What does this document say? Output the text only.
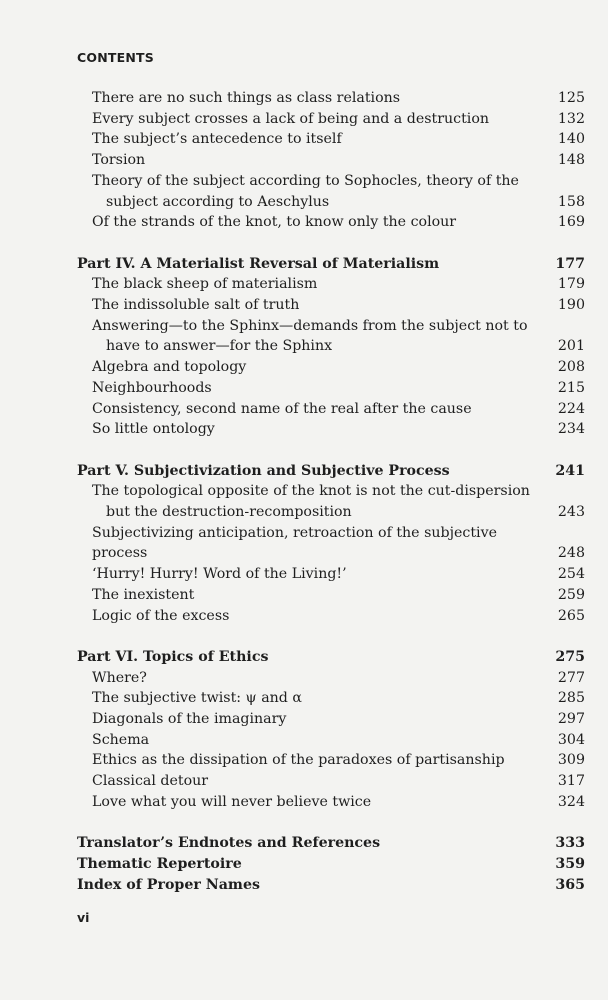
CONTENTS
There are no such things as class relations	125
Every subject crosses a lack of being and a destruction	132
The subject’s antecedence to itself	140
Torsion	148
Theory of the subject according to Sophocles, theory of the
subject according to Aeschylus	158
Of the strands of the knot, to know only the colour	169
Part IV. A Materialist Reversal of Materialism	177
The black sheep of materialism	179
The indissoluble salt of truth	190
Answering—to the Sphinx—demands from the subject not to
have to answer—for the Sphinx	201
Algebra and topology	208
Neighbourhoods	215
Consistency, second name of the real after the cause	224
So little ontology	234
Part V. Subjectivization and Subjective Process	241
The topological opposite of the knot is not the cut-dispersion
but the destruction-recomposition	243
Subjectivizing anticipation, retroaction of the subjective process	248
‘Hurry! Hurry! Word of the Living!’	254
The inexistent	259
Logic of the excess	265
Part VI. Topics of Ethics	275
Where?	277
The subjective twist: ψ and α	285
Diagonals of the imaginary	297
Schema	304
Ethics as the dissipation of the paradoxes of partisanship	309
Classical detour	317
Love what you will never believe twice	324
Translator’s Endnotes and References	333
Thematic Repertoire	359
Index of Proper Names	365
vi
